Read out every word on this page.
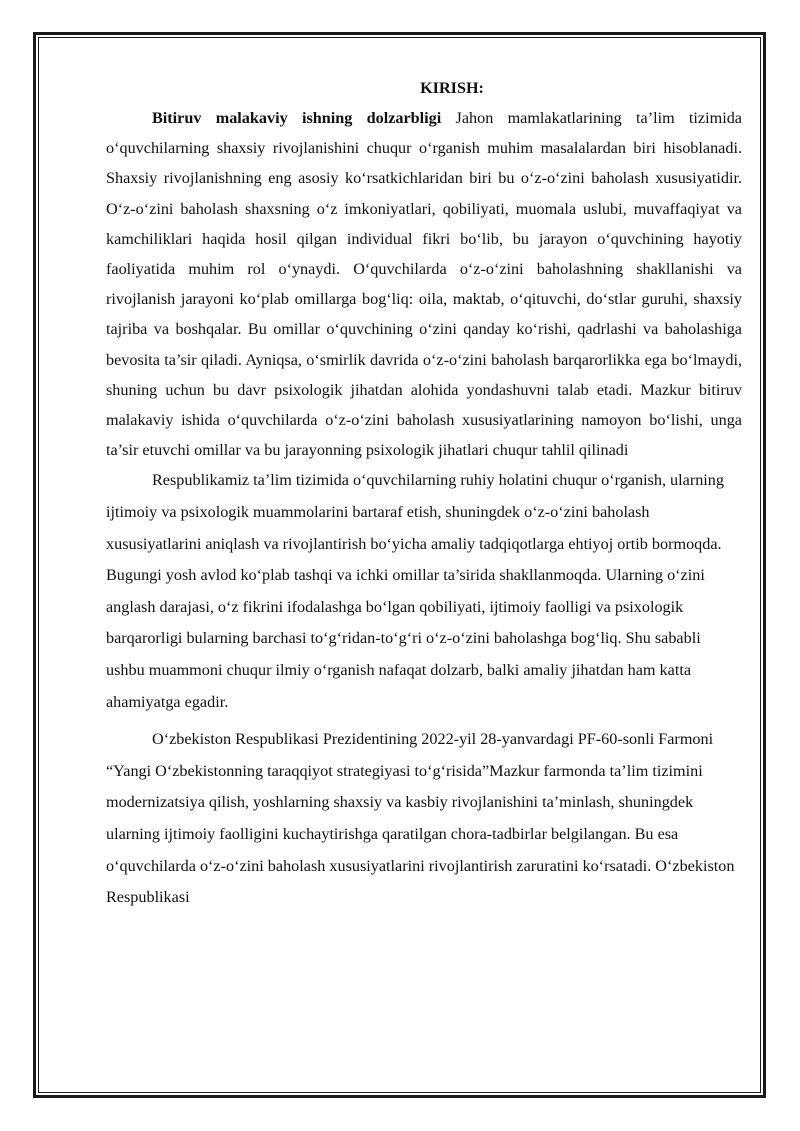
KIRISH:

Bitiruv malakaviy ishning dolzarbligi Jahon mamlakatlarining ta’lim tizimida o‘quvchilarning shaxsiy rivojlanishini chuqur o‘rganish muhim masalalardan biri hisoblanadi. Shaxsiy rivojlanishning eng asosiy ko‘rsatkichlaridan biri bu o‘z-o‘zini baholash xususiyatidir. O‘z-o‘zini baholash shaxsning o‘z imkoniyatlari, qobiliyati, muomala uslubi, muvaffaqiyat va kamchiliklari haqida hosil qilgan individual fikri bo‘lib, bu jarayon o‘quvchining hayotiy faoliyatida muhim rol o‘ynaydi. O‘quvchilarda o‘z-o‘zini baholashning shakllanishi va rivojlanish jarayoni ko‘plab omillarga bog‘liq: oila, maktab, o‘qituvchi, do‘stlar guruhi, shaxsiy tajriba va boshqalar. Bu omillar o‘quvchining o‘zini qanday ko‘rishi, qadrlashi va baholashiga bevosita ta’sir qiladi. Ayniqsa, o‘smirlik davrida o‘z-o‘zini baholash barqarorlikka ega bo‘lmaydi, shuning uchun bu davr psixologik jihatdan alohida yondashuvni talab etadi. Mazkur bitiruv malakaviy ishida o‘quvchilarda o‘z-o‘zini baholash xususiyatlarining namoyon bo‘lishi, unga ta’sir etuvchi omillar va bu jarayonning psixologik jihatlari chuqur tahlil qilinadi

Respublikamiz ta’lim tizimida o‘quvchilarning ruhiy holatini chuqur o‘rganish, ularning ijtimoiy va psixologik muammolarini bartaraf etish, shuningdek o‘z-o‘zini baholash xususiyatlarini aniqlash va rivojlantirish bo‘yicha amaliy tadqiqotlarga ehtiyoj ortib bormoqda. Bugungi yosh avlod ko‘plab tashqi va ichki omillar ta’sirida shakllanmoqda. Ularning o‘zini anglash darajasi, o‘z fikrini ifodalashga bo‘lgan qobiliyati, ijtimoiy faolligi va psixologik barqarorligi bularning barchasi to‘g‘ridan-to‘g‘ri o‘z-o‘zini baholashga bog‘liq. Shu sababli ushbu muammoni chuqur ilmiy o‘rganish nafaqat dolzarb, balki amaliy jihatdan ham katta ahamiyatga egadir.

O‘zbekiston Respublikasi Prezidentining 2022-yil 28-yanvardagi PF-60-sonli Farmoni “Yangi O‘zbekistonning taraqqiyot strategiyasi to‘g‘risida”Mazkur farmonda ta’lim tizimini modernizatsiya qilish, yoshlarning shaxsiy va kasbiy rivojlanishini ta’minlash, shuningdek ularning ijtimoiy faolligini kuchaytirishga qaratilgan chora-tadbirlar belgilangan. Bu esa o‘quvchilarda o‘z-o‘zini baholash xususiyatlarini rivojlantirish zaruratini ko‘rsatadi. O‘zbekiston Respublikasi
